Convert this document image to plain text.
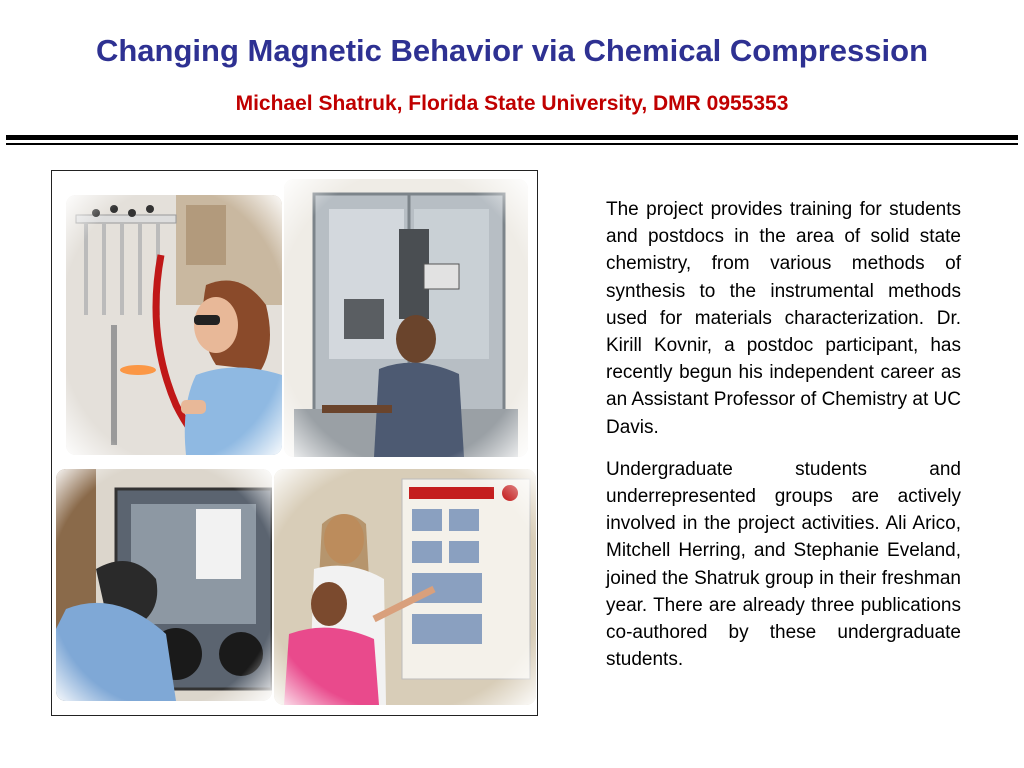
Changing Magnetic Behavior via Chemical Compression
Michael Shatruk, Florida State University, DMR 0955353

The project provides training for students and postdocs in the area of solid state chemistry, from various methods of synthesis to the instrumental methods used for materials characterization. Dr. Kirill Kovnir, a postdoc participant, has recently begun his independent career as an Assistant Professor of Chemistry at UC Davis.

Undergraduate students and underrepresented groups are actively involved in the project activities. Ali Arico, Mitchell Herring, and Stephanie Eveland, joined the Shatruk group in their freshman year. There are already three publications co-authored by these undergraduate students.
